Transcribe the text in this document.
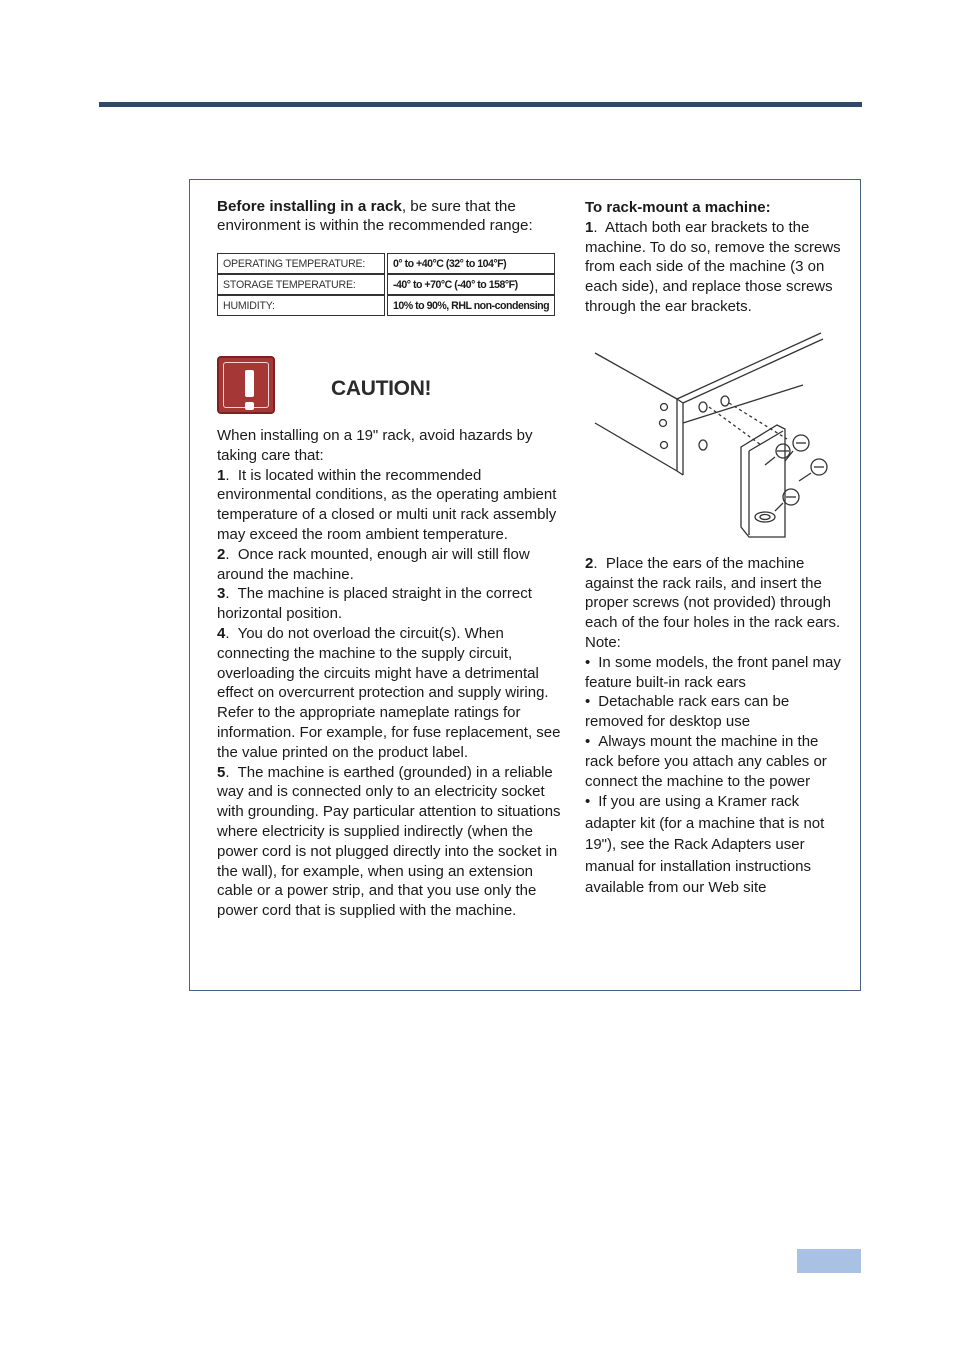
Before installing in a rack, be sure that the environment is within the recommended range:

OPERATING TEMPERATURE:	0° to +40°C (32° to 104°F)
STORAGE TEMPERATURE:	-40° to +70°C (-40° to 158°F)
HUMIDITY:	10% to 90%, RHL non-condensing
CAUTION!

When installing on a 19" rack, avoid hazards by taking care that:

1.  It is located within the recommended environmental conditions, as the operating ambient temperature of a closed or multi unit rack assembly may exceed the room ambient temperature.

2.  Once rack mounted, enough air will still flow around the machine.

3.  The machine is placed straight in the correct horizontal position.

4.  You do not overload the circuit(s). When connecting the machine to the supply circuit, overloading the circuits might have a detrimental effect on overcurrent protection and supply wiring. Refer to the appropriate nameplate ratings for information. For example, for fuse replacement, see the value printed on the product label.

5.  The machine is earthed (grounded) in a reliable way and is connected only to an electricity socket with grounding. Pay particular attention to situations where electricity is supplied indirectly (when the power cord is not plugged directly into the socket in the wall), for example, when using an extension cable or a power strip, and that you use only the power cord that is supplied with the machine.

To rack-mount a machine:

1.  Attach both ear brackets to the machine. To do so, remove the screws from each side of the machine (3 on each side), and replace those screws through the ear brackets.

2.  Place the ears of the machine against the rack rails, and insert the proper screws (not provided) through each of the four holes in the rack ears.

Note:

• In some models, the front panel may feature built-in rack ears

• Detachable rack ears can be removed for desktop use

• Always mount the machine in the rack before you attach any cables or connect the machine to the power

• If you are using a Kramer rack adapter kit (for a machine that is not 19"), see the Rack Adapters user manual for installation instructions available from our Web site
